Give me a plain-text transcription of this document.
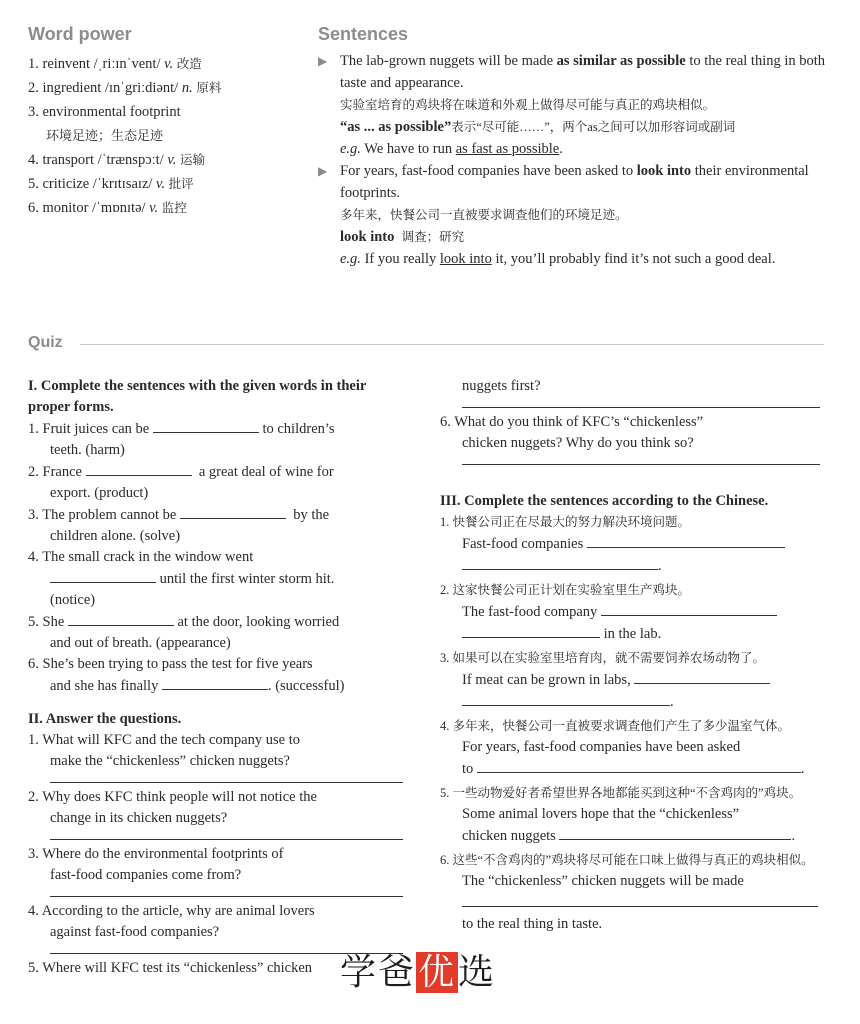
Word power
1. reinvent /ˌriːɪnˈvent/ v. 改造
2. ingredient /ɪnˈgriːdiənt/ n. 原料
3. environmental footprint
环境足迹；生态足迹
4. transport /ˈtrænspɔːt/ v. 运输
5. criticize /ˈkrɪtɪsaɪz/ v. 批评
6. monitor /ˈmɒnɪtə/ v. 监控
Sentences
▶ The lab-grown nuggets will be made as similar as possible to the real thing in both taste and appearance.
实验室培育的鸡块将在味道和外观上做得尽可能与真正的鸡块相似。
“as ... as possible”表示“尽可能……”，两个as之间可以加形容词或副词
e.g. We have to run as fast as possible.
▶ For years, fast-food companies have been asked to look into their environmental footprints.
多年来，快餐公司一直被要求调查他们的环境足迹。
look into 调查；研究
e.g. If you really look into it, you’ll probably find it’s not such a good deal.
Quiz
I. Complete the sentences with the given words in their proper forms.
1. Fruit juices can be	to children’s
teeth. (harm)
2. France	a great deal of wine for
export. (product)
3. The problem cannot be	by the
children alone. (solve)
4. The small crack in the window went
until the first winter storm hit.
(notice)
5. She	at the door, looking worried
and out of breath. (appearance)
6. She’s been trying to pass the test for five years
and she has finally	. (successful)
II. Answer the questions.
1. What will KFC and the tech company use to
make the “chickenless” chicken nuggets?
2. Why does KFC think people will not notice the
change in its chicken nuggets?
3. Where do the environmental footprints of
fast-food companies come from?
4. According to the article, why are animal lovers
against fast-food companies?
5. Where will KFC test its “chickenless” chicken
nuggets first?
6. What do you think of KFC’s “chickenless”
chicken nuggets? Why do you think so?
III. Complete the sentences according to the Chinese.
1. 快餐公司正在尽最大的努力解决环境问题。
Fast-food companies
.
2. 这家快餐公司正计划在实验室里生产鸡块。
The fast-food company
in the lab.
3. 如果可以在实验室里培育肉，就不需要饲养农场动物了。
If meat can be grown in labs,
.
4. 多年来，快餐公司一直被要求调查他们产生了多少温室气体。
For years, fast-food companies have been asked
to	.
5. 一些动物爱好者希望世界各地都能买到这种“不含鸡肉的”鸡块。
Some animal lovers hope that the “chickenless”
chicken nuggets	.
6. 这些“不含鸡肉的”鸡块将尽可能在口味上做得与真正的鸡块相似。
The “chickenless” chicken nuggets will be made
to the real thing in taste.
学爸优选
